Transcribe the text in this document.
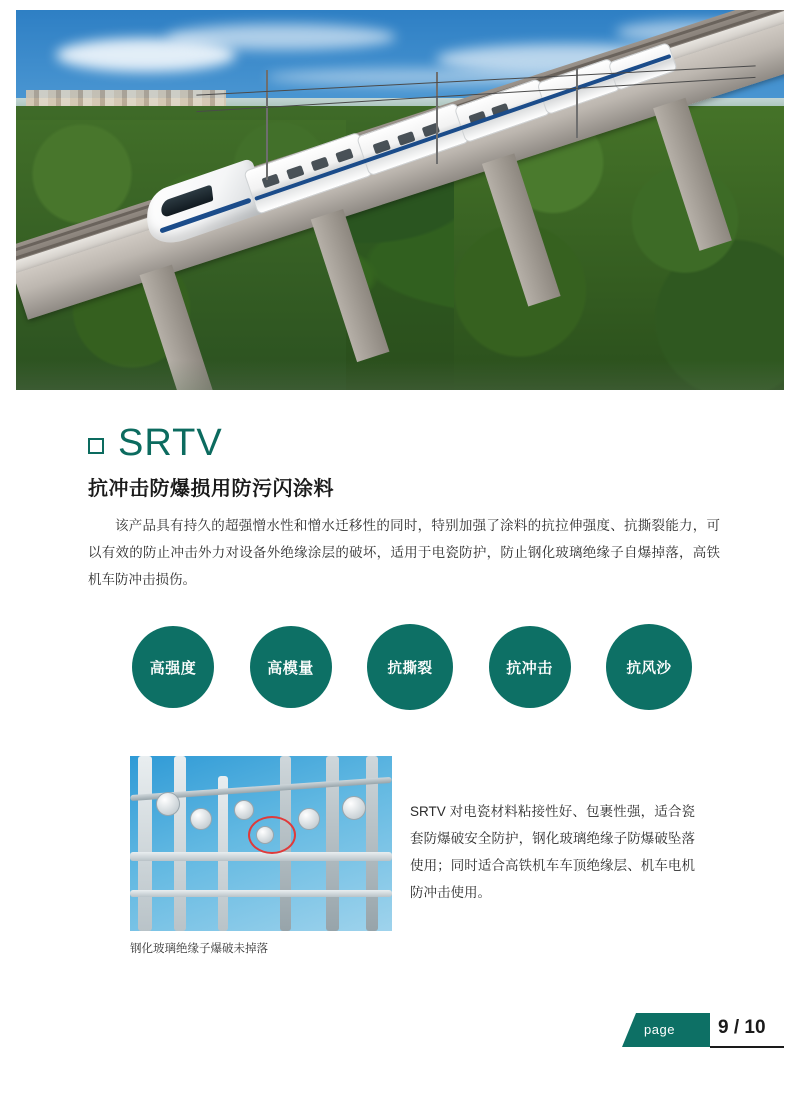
SRTV
抗冲击防爆损用防污闪涂料
该产品具有持久的超强憎水性和憎水迁移性的同时，特别加强了涂料的抗拉伸强度、抗撕裂能力，可以有效的防止冲击外力对设备外绝缘涂层的破坏，适用于电瓷防护，防止钢化玻璃绝缘子自爆掉落，高铁机车防冲击损伤。
高强度	高模量	抗撕裂	抗冲击	抗风沙
钢化玻璃绝缘子爆破未掉落
SRTV 对电瓷材料粘接性好、包裹性强，适合瓷套防爆破安全防护，钢化玻璃绝缘子防爆破坠落使用；同时适合高铁机车车顶绝缘层、机车电机防冲击使用。
page 9 / 10
